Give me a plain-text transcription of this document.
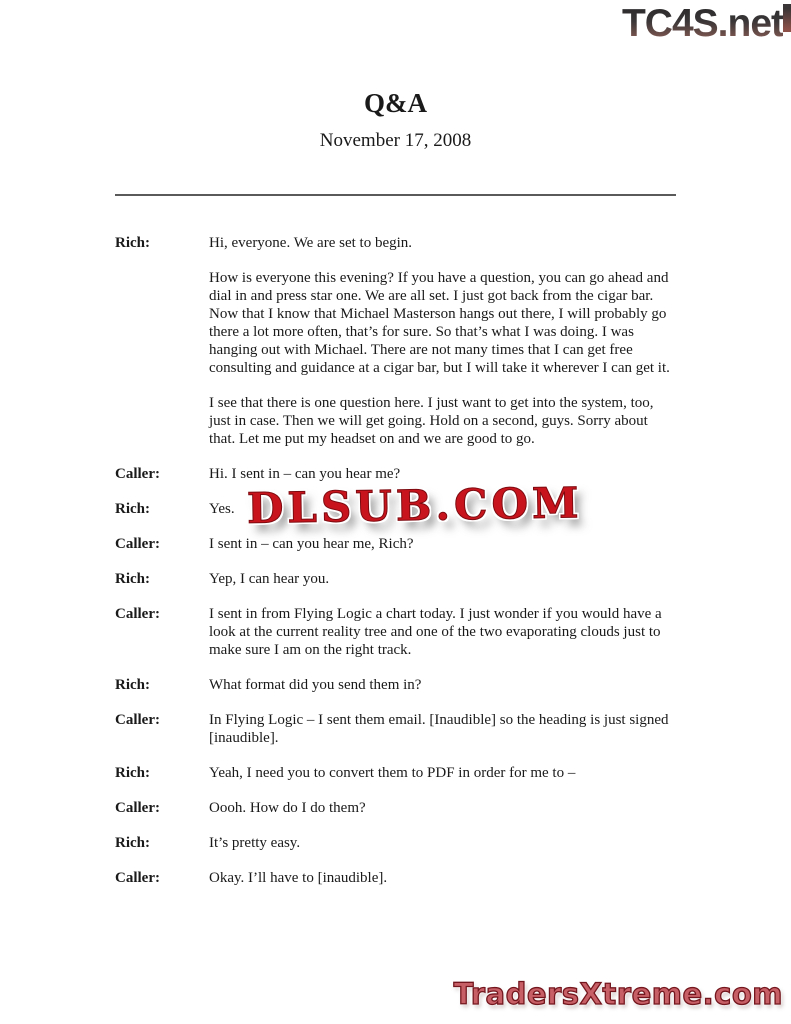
TC4S.net
Q&A
November 17, 2008
Rich:	Hi, everyone. We are set to begin.
How is everyone this evening? If you have a question, you can go ahead and dial in and press star one. We are all set. I just got back from the cigar bar. Now that I know that Michael Masterson hangs out there, I will probably go there a lot more often, that’s for sure. So that’s what I was doing. I was hanging out with Michael. There are not many times that I can get free consulting and guidance at a cigar bar, but I will take it wherever I can get it.
I see that there is one question here. I just want to get into the system, too, just in case. Then we will get going. Hold on a second, guys. Sorry about that. Let me put my headset on and we are good to go.
Caller:	Hi. I sent in – can you hear me?
Rich:	Yes.
Caller:	I sent in – can you hear me, Rich?
Rich:	Yep, I can hear you.
Caller:	I sent in from Flying Logic a chart today. I just wonder if you would have a look at the current reality tree and one of the two evaporating clouds just to make sure I am on the right track.
Rich:	What format did you send them in?
Caller:	In Flying Logic – I sent them email. [Inaudible] so the heading is just signed [inaudible].
Rich:	Yeah, I need you to convert them to PDF in order for me to –
Caller:	Oooh. How do I do them?
Rich:	It’s pretty easy.
Caller:	Okay. I’ll have to [inaudible].
DLSUB.COM
TradersXtreme.com
